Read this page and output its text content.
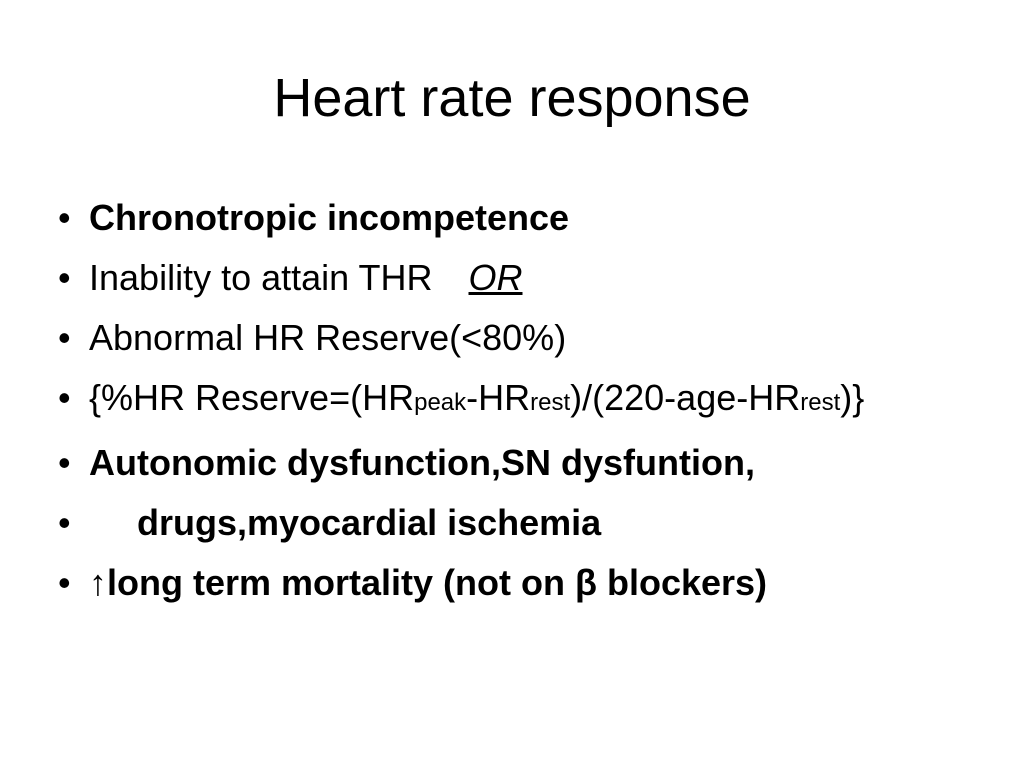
Heart rate response
• Chronotropic incompetence
• Inability to attain THR OR
• Abnormal HR Reserve(<80%)
• {%HR Reserve=(HRpeak-HRrest)/(220-age-HRrest)}
• Autonomic dysfunction,SN dysfuntion,
• drugs,myocardial ischemia
• ↑long term mortality (not on β blockers)
